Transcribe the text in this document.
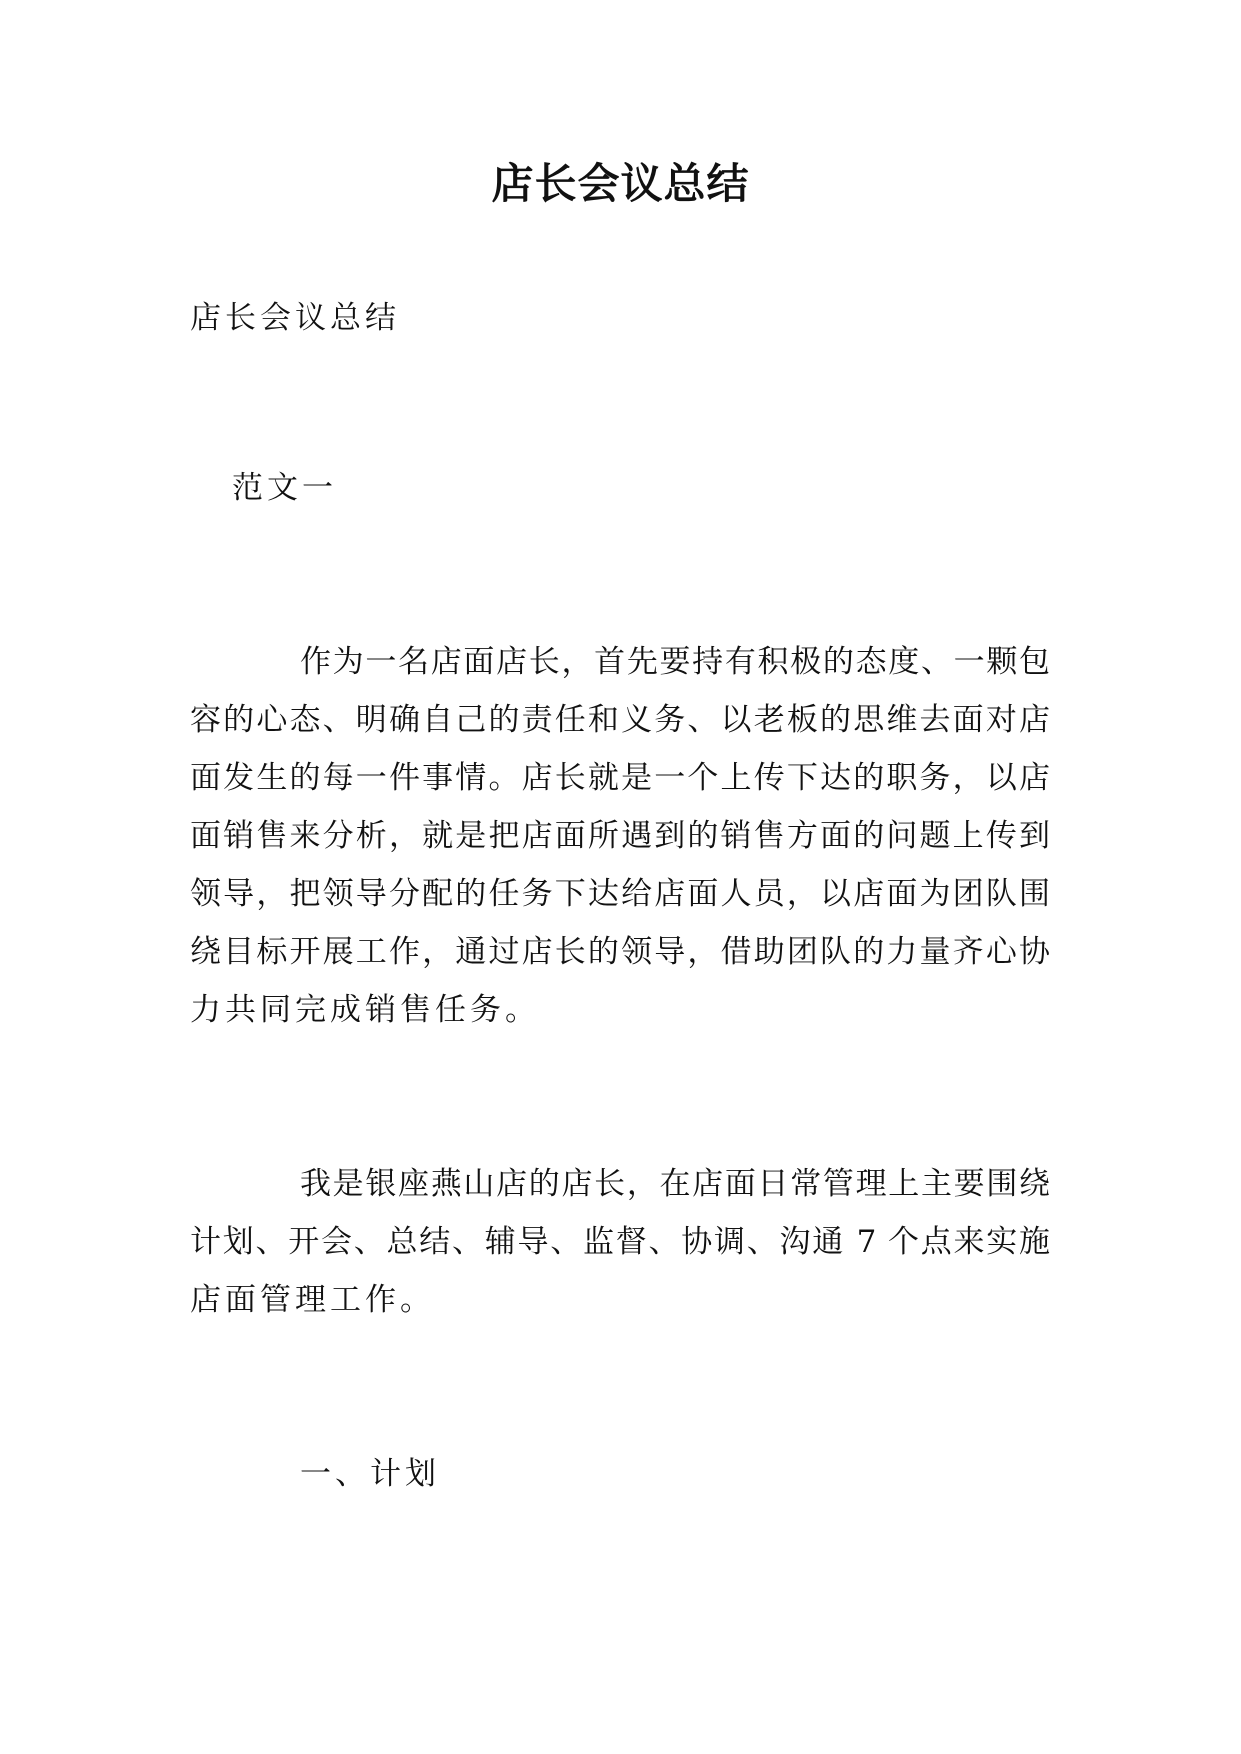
店长会议总结
店长会议总结
范文一
作为一名店面店长，首先要持有积极的态度、一颗包
容的心态、明确自己的责任和义务、以老板的思维去面对店
面发生的每一件事情。店长就是一个上传下达的职务，以店
面销售来分析，就是把店面所遇到的销售方面的问题上传到
领导，把领导分配的任务下达给店面人员，以店面为团队围
绕目标开展工作，通过店长的领导，借助团队的力量齐心协
力共同完成销售任务。
我是银座燕山店的店长，在店面日常管理上主要围绕
计划、开会、总结、辅导、监督、协调、沟通 7 个点来实施
店面管理工作。
一、计划
